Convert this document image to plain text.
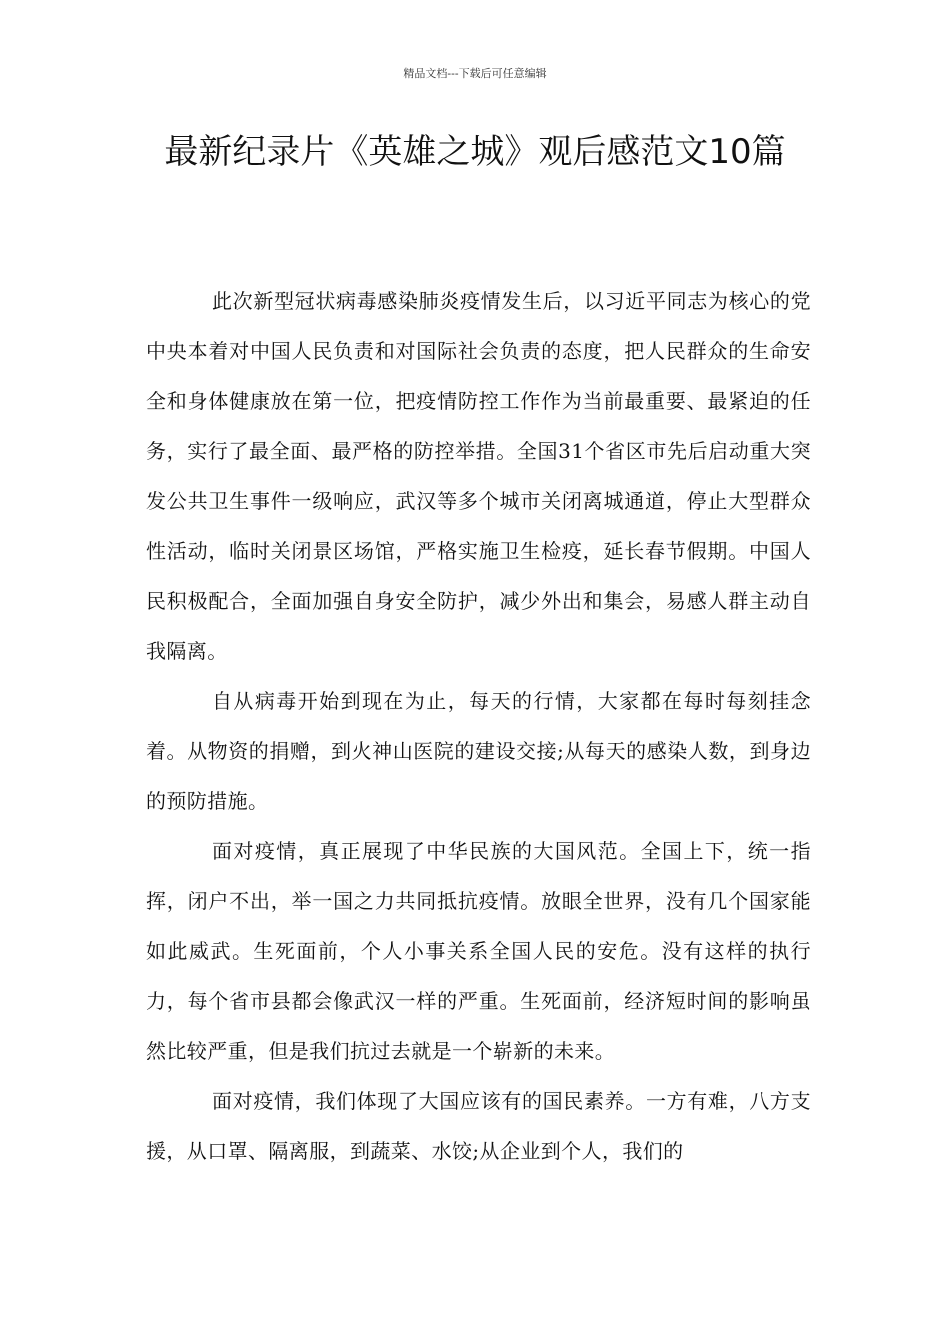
精品文档---下载后可任意编辑
最新纪录片《英雄之城》观后感范文10篇

此次新型冠状病毒感染肺炎疫情发生后，以习近平同志为核心的党中央本着对中国人民负责和对国际社会负责的态度，把人民群众的生命安全和身体健康放在第一位，把疫情防控工作作为当前最重要、最紧迫的任务，实行了最全面、最严格的防控举措。全国31个省区市先后启动重大突发公共卫生事件一级响应，武汉等多个城市关闭离城通道，停止大型群众性活动，临时关闭景区场馆，严格实施卫生检疫，延长春节假期。中国人民积极配合，全面加强自身安全防护，减少外出和集会，易感人群主动自我隔离。

自从病毒开始到现在为止，每天的行情，大家都在每时每刻挂念着。从物资的捐赠，到火神山医院的建设交接;从每天的感染人数，到身边的预防措施。

面对疫情，真正展现了中华民族的大国风范。全国上下，统一指挥，闭户不出，举一国之力共同抵抗疫情。放眼全世界，没有几个国家能如此威武。生死面前，个人小事关系全国人民的安危。没有这样的执行力，每个省市县都会像武汉一样的严重。生死面前，经济短时间的影响虽然比较严重，但是我们抗过去就是一个崭新的未来。

面对疫情，我们体现了大国应该有的国民素养。一方有难，八方支援，从口罩、隔离服，到蔬菜、水饺;从企业到个人，我们的
